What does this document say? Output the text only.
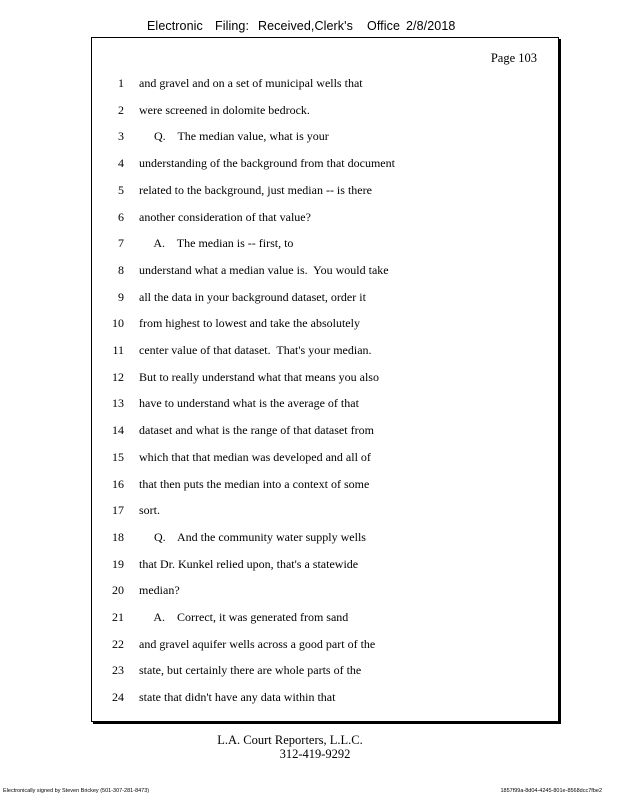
Electronic Filing: Received,Clerk's Office 2/8/2018
Page 103
1 and gravel and on a set of municipal wells that
2 were screened in dolomite bedrock.
3 Q.    The median value, what is your
4 understanding of the background from that document
5 related to the background, just median -- is there
6 another consideration of that value?
7 A.    The median is -- first, to
8 understand what a median value is.  You would take
9 all the data in your background dataset, order it
10 from highest to lowest and take the absolutely
11 center value of that dataset.  That's your median.
12 But to really understand what that means you also
13 have to understand what is the average of that
14 dataset and what is the range of that dataset from
15 which that that median was developed and all of
16 that then puts the median into a context of some
17 sort.
18 Q.    And the community water supply wells
19 that Dr. Kunkel relied upon, that's a statewide
20 median?
21 A.    Correct, it was generated from sand
22 and gravel aquifer wells across a good part of the
23 state, but certainly there are whole parts of the
24 state that didn't have any data within that
L.A. Court Reporters, L.L.C.
312-419-9292
Electronically signed by Steven Brickey (501-307-281-8473)	1857f99a-8d04-4245-801e-8568dcc7fbe2
